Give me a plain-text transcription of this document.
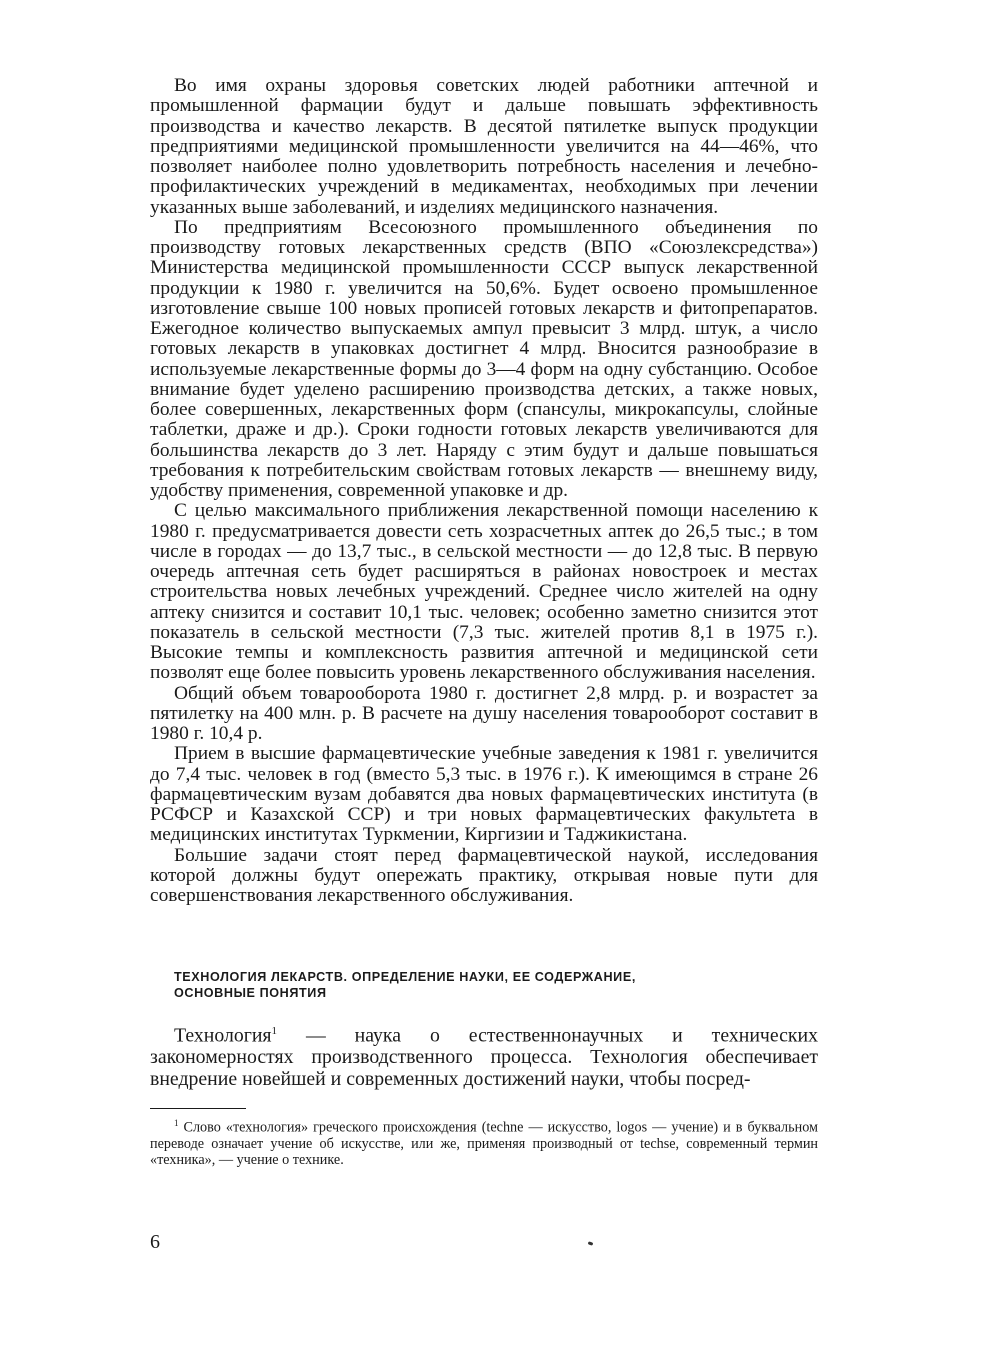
Во имя охраны здоровья советских людей работники аптечной и промышленной фармации будут и дальше повышать эффективность производства и качество лекарств. В десятой пятилетке выпуск продукции предприятиями медицинской промышленности увеличится на 44—46%, что позволяет наиболее полно удовлетворить потребность населения и лечебно-профилактических учреждений в медикаментах, необходимых при лечении указанных выше заболеваний, и изделиях медицинского назначения.

По предприятиям Всесоюзного промышленного объединения по производству готовых лекарственных средств (ВПО «Союзлексредства») Министерства медицинской промышленности СССР выпуск лекарственной продукции к 1980 г. увеличится на 50,6%. Будет освоено промышленное изготовление свыше 100 новых прописей готовых лекарств и фитопрепаратов. Ежегодное количество выпускаемых ампул превысит 3 млрд. штук, а число готовых лекарств в упаковках достигнет 4 млрд. Вносится разнообразие в используемые лекарственные формы до 3—4 форм на одну субстанцию. Особое внимание будет уделено расширению производства детских, а также новых, более совершенных, лекарственных форм (спансулы, микрокапсулы, слойные таблетки, драже и др.). Сроки годности готовых лекарств увеличиваются для большинства лекарств до 3 лет. Наряду с этим будут и дальше повышаться требования к потребительским свойствам готовых лекарств — внешнему виду, удобству применения, современной упаковке и др.

С целью максимального приближения лекарственной помощи населению к 1980 г. предусматривается довести сеть хозрасчетных аптек до 26,5 тыс.; в том числе в городах — до 13,7 тыс., в сельской местности — до 12,8 тыс. В первую очередь аптечная сеть будет расширяться в районах новостроек и местах строительства новых лечебных учреждений. Среднее число жителей на одну аптеку снизится и составит 10,1 тыс. человек; особенно заметно снизится этот показатель в сельской местности (7,3 тыс. жителей против 8,1 в 1975 г.). Высокие темпы и комплексность развития аптечной и медицинской сети позволят еще более повысить уровень лекарственного обслуживания населения.

Общий объем товарооборота 1980 г. достигнет 2,8 млрд. р. и возрастет за пятилетку на 400 млн. р. В расчете на душу населения товарооборот составит в 1980 г. 10,4 р.

Прием в высшие фармацевтические учебные заведения к 1981 г. увеличится до 7,4 тыс. человек в год (вместо 5,3 тыс. в 1976 г.). К имеющимся в стране 26 фармацевтическим вузам добавятся два новых фармацевтических института (в РСФСР и Казахской ССР) и три новых фармацевтических факультета в медицинских институтах Туркмении, Киргизии и Таджикистана.

Большие задачи стоят перед фармацевтической наукой, исследования которой должны будут опережать практику, открывая новые пути для совершенствования лекарственного обслуживания.

ТЕХНОЛОГИЯ ЛЕКАРСТВ. ОПРЕДЕЛЕНИЕ НАУКИ, ЕЕ СОДЕРЖАНИЕ,
ОСНОВНЫЕ ПОНЯТИЯ

Технология$^1$ — наука о естественнонаучных и технических закономерностях производственного процесса. Технология обеспечивает внедрение новейшей и современных достижений науки, чтобы посред-

$^1$ Слово «технология» греческого происхождения (techne — искусство, logos — учение) и в буквальном переводе означает учение об искусстве, или же, применяя производный от techse, современный термин «техника», — учение о технике.

6
